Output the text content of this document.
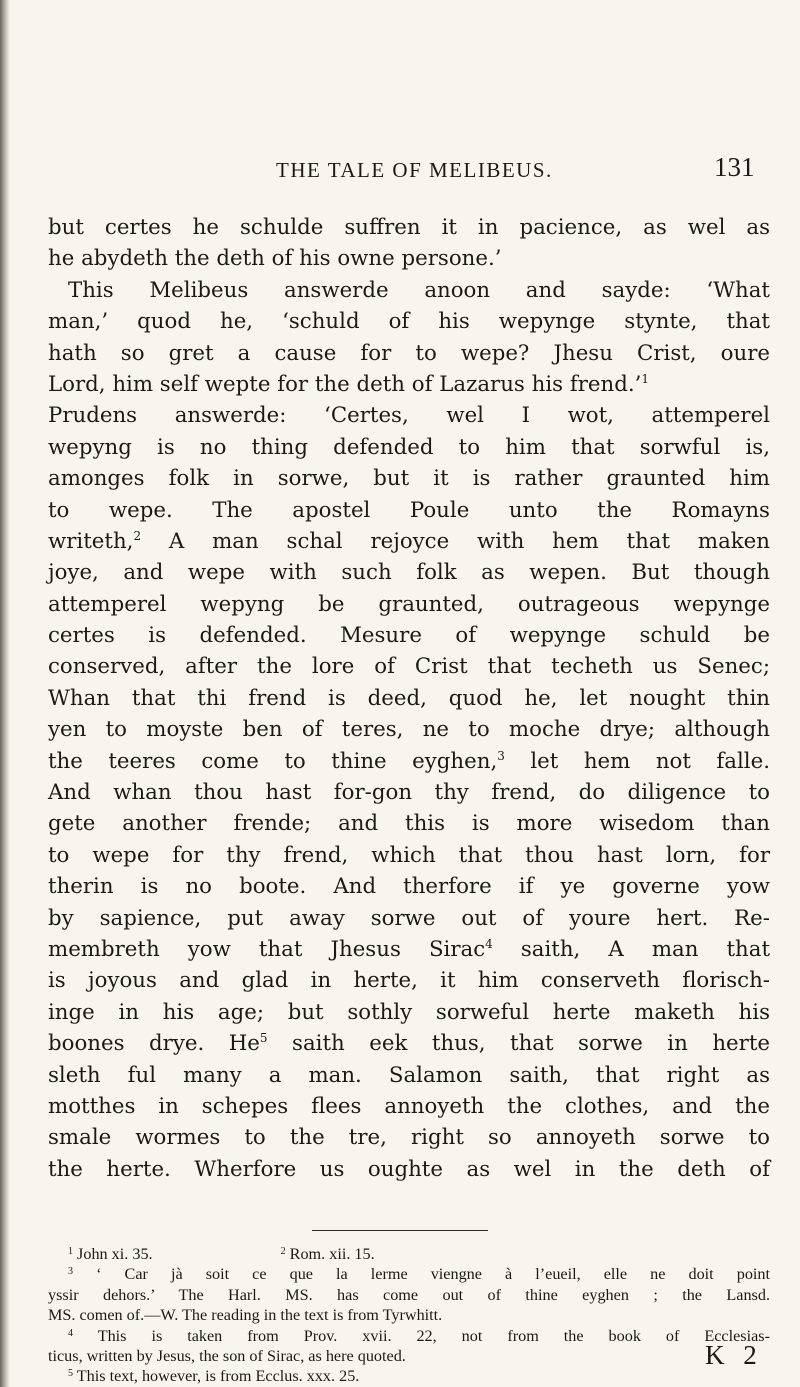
THE TALE OF MELIBEUS.	131
but certes he schulde suffren it in pacience, as wel as
he abydeth the deth of his owne persone.’
This Melibeus answerde anoon and sayde: ‘What
man,’ quod he, ‘schuld of his wepynge stynte, that
hath so gret a cause for to wepe? Jhesu Crist, oure
Lord, him self wepte for the deth of Lazarus his frend.’$^1$
Prudens answerde: ‘Certes, wel I wot, attemperel
wepyng is no thing defended to him that sorwful is,
amonges folk in sorwe, but it is rather graunted him
to wepe. The apostel Poule unto the Romayns
writeth,$^2$ A man schal rejoyce with hem that maken
joye, and wepe with such folk as wepen. But though
attemperel wepyng be graunted, outrageous wepynge
certes is defended. Mesure of wepynge schuld be
conserved, after the lore of Crist that techeth us Senec;
Whan that thi frend is deed, quod he, let nought thin
yen to moyste ben of teres, ne to moche drye; although
the teeres come to thine eyghen,$^3$ let hem not falle.
And whan thou hast for-gon thy frend, do diligence to
gete another frende; and this is more wisedom than
to wepe for thy frend, which that thou hast lorn, for
therin is no boote. And therfore if ye governe yow
by sapience, put away sorwe out of youre hert. Re-
membreth yow that Jhesus Sirac$^4$ saith, A man that
is joyous and glad in herte, it him conserveth florisch-
inge in his age; but sothly sorweful herte maketh his
boones drye. He$^5$ saith eek thus, that sorwe in herte
sleth ful many a man. Salamon saith, that right as
motthes in schepes flees annoyeth the clothes, and the
smale wormes to the tre, right so annoyeth sorwe to
the herte. Wherfore us oughte as wel in the deth of
$^1$ John xi. 35.	$^2$ Rom. xii. 15.
$^3$ ‘ Car jà soit ce que la lerme viengne à l’eueil, elle ne doit point
yssir dehors.’ The Harl. MS. has come out of thine eyghen ; the Lansd.
MS. comen of.—W. The reading in the text is from Tyrwhitt.
$^4$ This is taken from Prov. xvii. 22, not from the book of Ecclesias-
ticus, written by Jesus, the son of Sirac, as here quoted.
$^5$ This text, however, is from Ecclus. xxx. 25.
K 2
